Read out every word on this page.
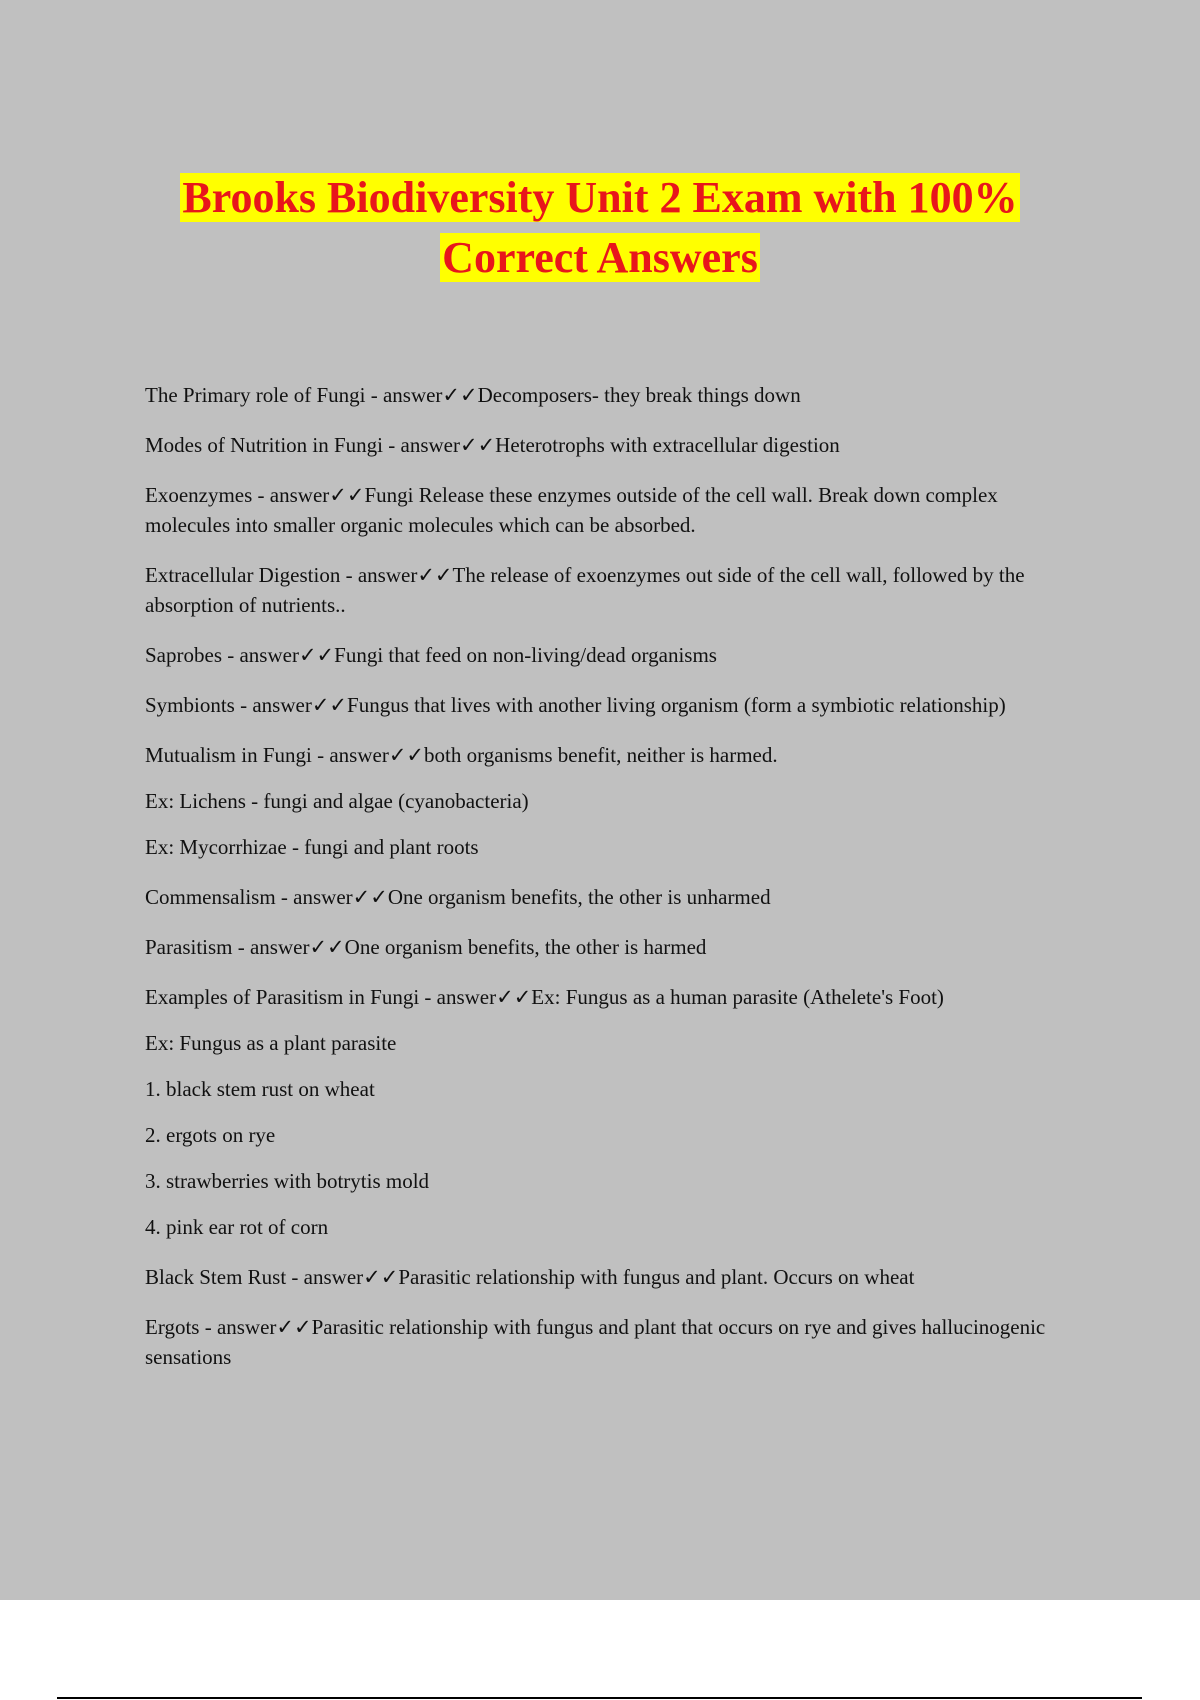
Brooks Biodiversity Unit 2 Exam with 100%
Correct Answers

The Primary role of Fungi - answer✓✓Decomposers- they break things down

Modes of Nutrition in Fungi - answer✓✓Heterotrophs with extracellular digestion

Exoenzymes - answer✓✓Fungi Release these enzymes outside of the cell wall. Break down complex molecules into smaller organic molecules which can be absorbed.

Extracellular Digestion - answer✓✓The release of exoenzymes out side of the cell wall, followed by the absorption of nutrients..

Saprobes - answer✓✓Fungi that feed on non-living/dead organisms

Symbionts - answer✓✓Fungus that lives with another living organism (form a symbiotic relationship)

Mutualism in Fungi - answer✓✓both organisms benefit, neither is harmed.

Ex: Lichens - fungi and algae (cyanobacteria)

Ex: Mycorrhizae - fungi and plant roots

Commensalism - answer✓✓One organism benefits, the other is unharmed

Parasitism - answer✓✓One organism benefits, the other is harmed

Examples of Parasitism in Fungi - answer✓✓Ex: Fungus as a human parasite (Athelete's Foot)

Ex: Fungus as a plant parasite

1. black stem rust on wheat

2. ergots on rye

3. strawberries with botrytis mold

4. pink ear rot of corn

Black Stem Rust - answer✓✓Parasitic relationship with fungus and plant. Occurs on wheat

Ergots - answer✓✓Parasitic relationship with fungus and plant that occurs on rye and gives hallucinogenic sensations
